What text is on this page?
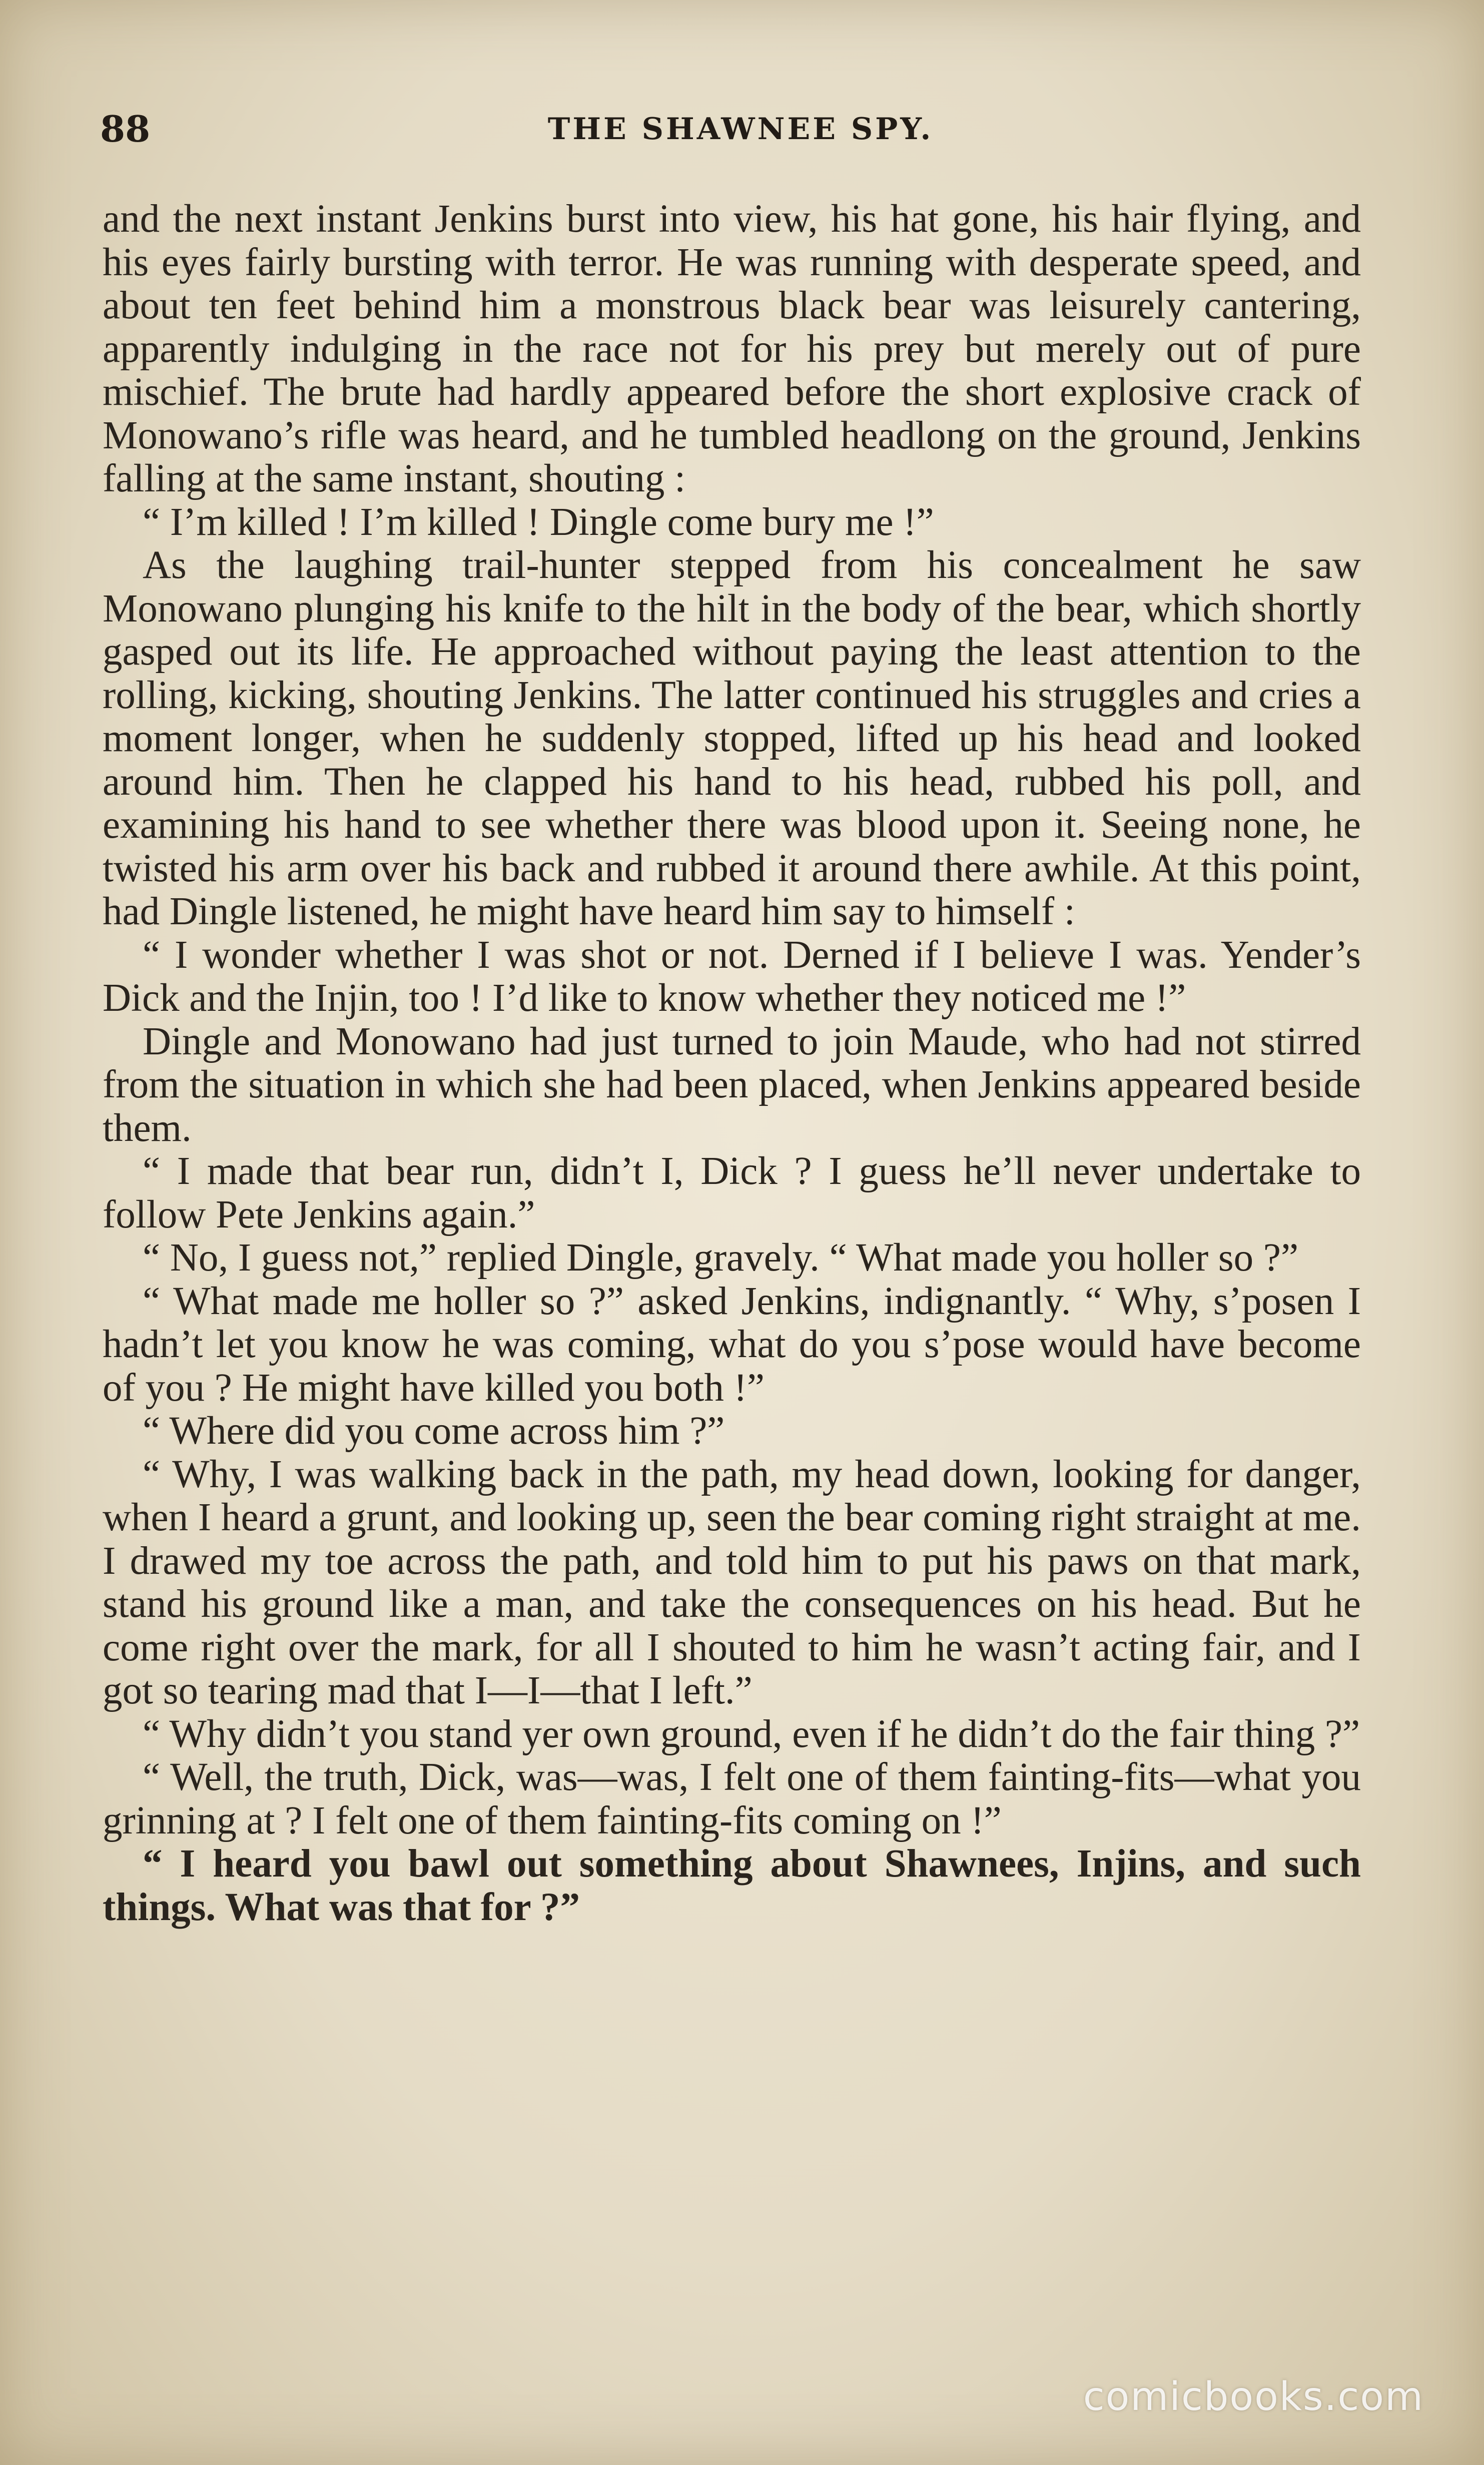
88	THE SHAWNEE SPY.

and the next instant Jenkins burst into view, his hat gone, his hair flying, and his eyes fairly bursting with terror. He was running with desperate speed, and about ten feet behind him a monstrous black bear was leisurely cantering, apparently indulging in the race not for his prey but merely out of pure mischief. The brute had hardly appeared before the short explosive crack of Monowano’s rifle was heard, and he tumbled headlong on the ground, Jenkins falling at the same instant, shouting :

“ I’m killed ! I’m killed ! Dingle come bury me !”

As the laughing trail-hunter stepped from his concealment he saw Monowano plunging his knife to the hilt in the body of the bear, which shortly gasped out its life. He approached without paying the least attention to the rolling, kicking, shouting Jenkins. The latter continued his struggles and cries a moment longer, when he suddenly stopped, lifted up his head and looked around him. Then he clapped his hand to his head, rubbed his poll, and examining his hand to see whether there was blood upon it. Seeing none, he twisted his arm over his back and rubbed it around there awhile. At this point, had Dingle listened, he might have heard him say to himself :

“ I wonder whether I was shot or not. Derned if I believe I was. Yender’s Dick and the Injin, too ! I’d like to know whether they noticed me !”

Dingle and Monowano had just turned to join Maude, who had not stirred from the situation in which she had been placed, when Jenkins appeared beside them.

“ I made that bear run, didn’t I, Dick ? I guess he’ll never undertake to follow Pete Jenkins again.”

“ No, I guess not,” replied Dingle, gravely. “ What made you holler so ?”

“ What made me holler so ?” asked Jenkins, indignantly. “ Why, s’posen I hadn’t let you know he was coming, what do you s’pose would have become of you ? He might have killed you both !”

“ Where did you come across him ?”

“ Why, I was walking back in the path, my head down, looking for danger, when I heard a grunt, and looking up, seen the bear coming right straight at me. I drawed my toe across the path, and told him to put his paws on that mark, stand his ground like a man, and take the consequences on his head. But he come right over the mark, for all I shouted to him he wasn’t acting fair, and I got so tearing mad that I—I—that I left.”

“ Why didn’t you stand yer own ground, even if he didn’t do the fair thing ?”

“ Well, the truth, Dick, was—was, I felt one of them fainting-fits—what you grinning at ? I felt one of them fainting-fits coming on !”

“ I heard you bawl out something about Shawnees, Injins, and such things. What was that for ?”

comicbooks.com
